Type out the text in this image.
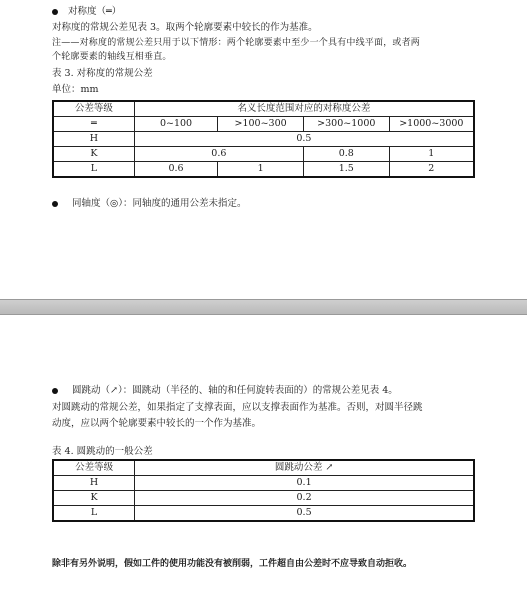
对称度（═）
对称度的常规公差见表 3。取两个轮廓要素中较长的作为基准。
注——对称度的常规公差只用于以下情形：两个轮廓要素中至少一个具有中线平面，或者两
个轮廓要素的轴线互相垂直。
表 3. 对称度的常规公差
单位：mm
公差等级	名义长度范围对应的对称度公差			
═	0~100	>100~300	>300~1000	>1000~3000
H	0.5			
K	0.6		0.8	1
L	0.6	1	1.5	2
同轴度（◎）：同轴度的通用公差未指定。
圆跳动（↗）：圆跳动（半径的、轴的和任何旋转表面的）的常规公差见表 4。
对圆跳动的常规公差，如果指定了支撑表面，应以支撑表面作为基准。否则，对圆半径跳
动度，应以两个轮廓要素中较长的一个作为基准。
表 4. 圆跳动的一般公差
公差等级	圆跳动公差 ↗
H	0.1
K	0.2
L	0.5
除非有另外说明，假如工件的使用功能没有被削弱，工件超自由公差时不应导致自动拒收。
